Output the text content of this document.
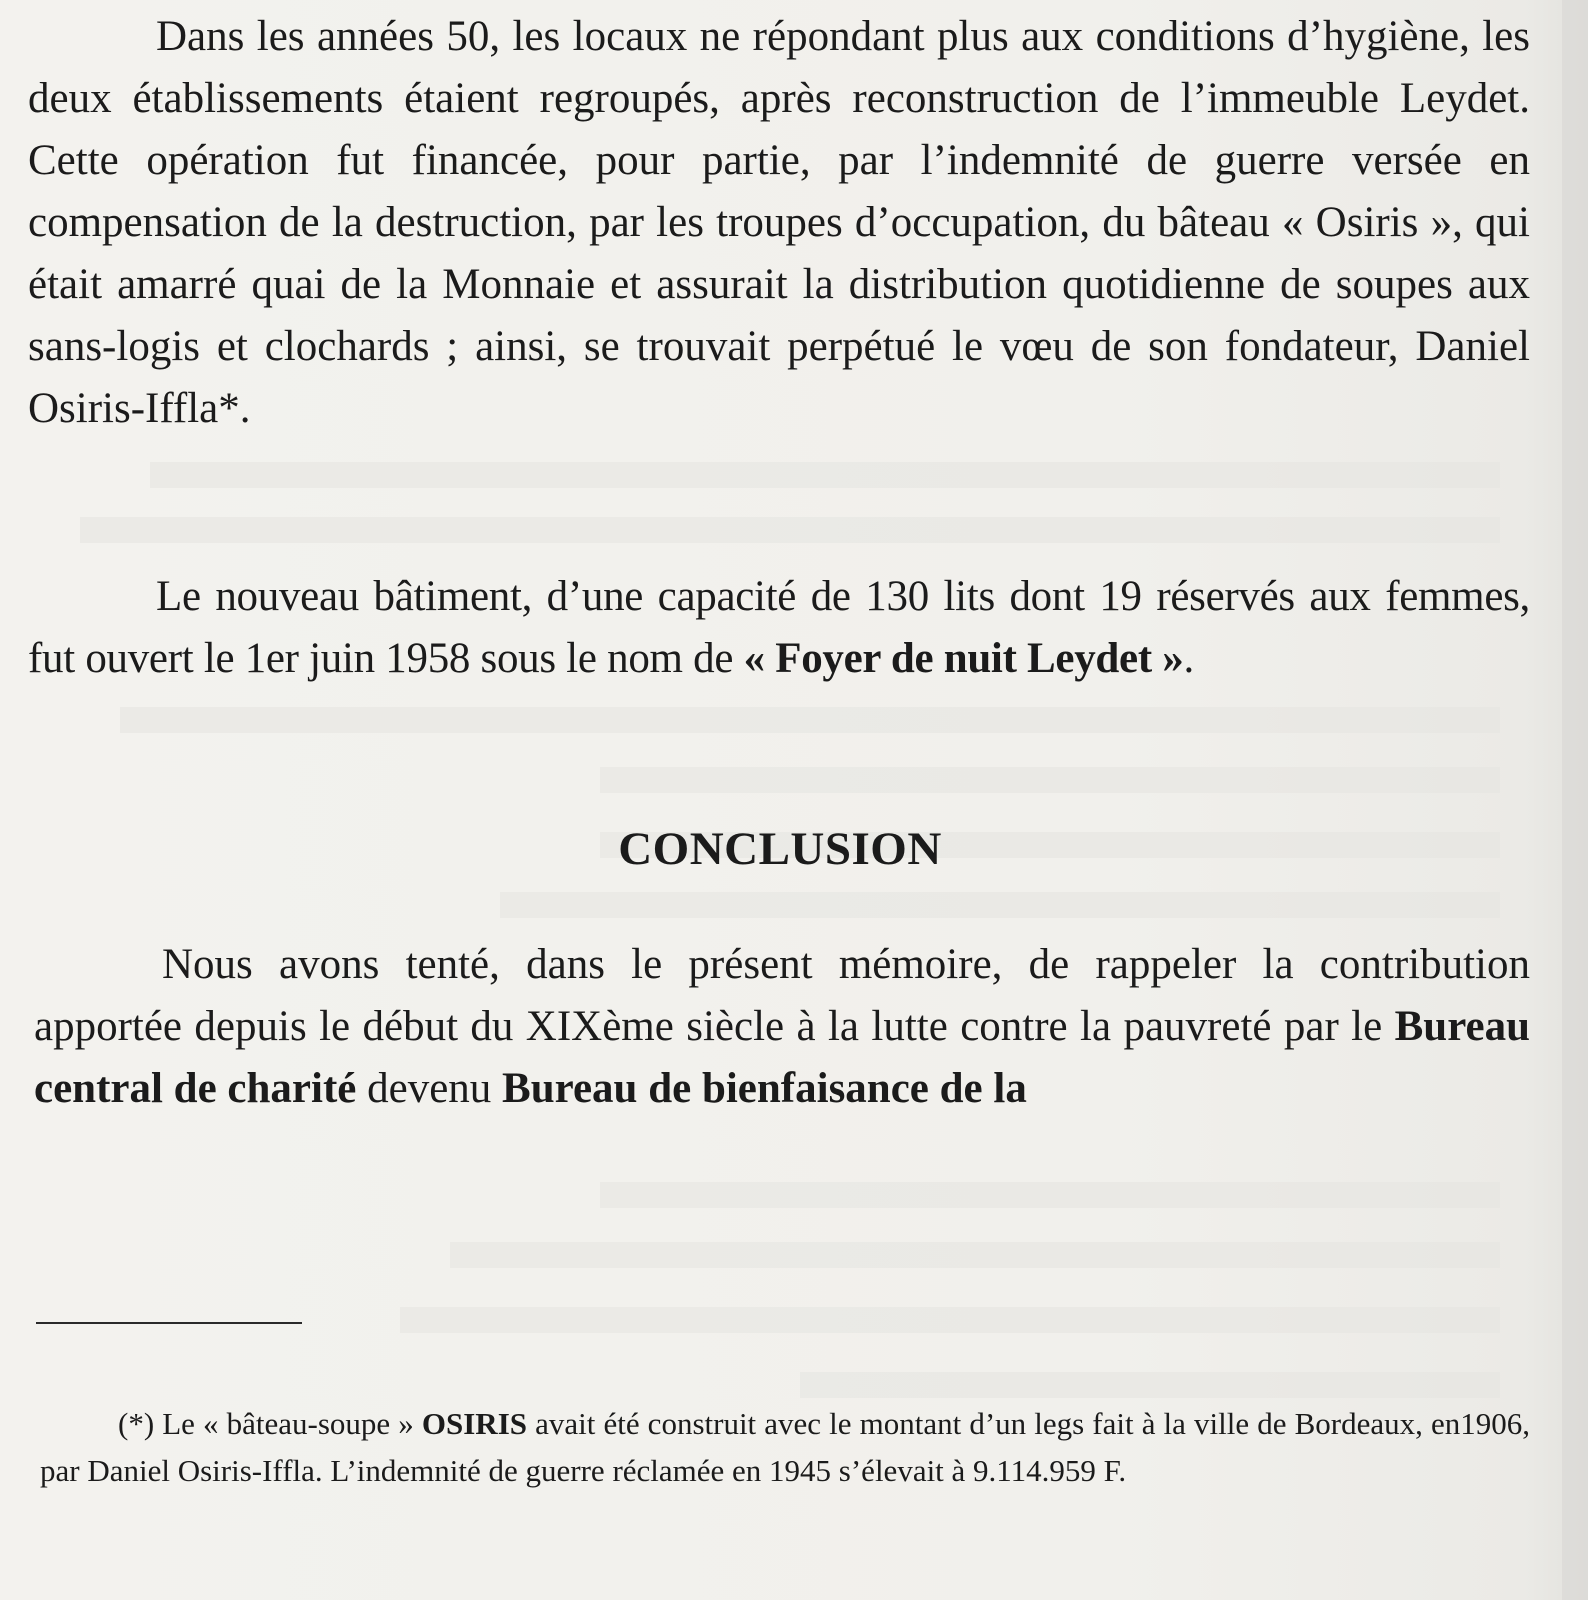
Dans les années 50, les locaux ne répondant plus aux conditions d’hygiène, les deux établissements étaient regroupés, après reconstruction de l’immeuble Leydet. Cette opération fut financée, pour partie, par l’indemnité de guerre versée en compensation de la destruction, par les troupes d’occupation, du bâteau « Osiris », qui était amarré quai de la Monnaie et assurait la distribution quotidienne de soupes aux sans-logis et clochards ; ainsi, se trouvait perpétué le vœu de son fondateur, Daniel Osiris-Iffla*.

Le nouveau bâtiment, d’une capacité de 130 lits dont 19 réservés aux femmes, fut ouvert le 1er juin 1958 sous le nom de « Foyer de nuit Leydet ».

CONCLUSION

Nous avons tenté, dans le présent mémoire, de rappeler la contribution apportée depuis le début du XIXème siècle à la lutte contre la pauvreté par le Bureau central de charité devenu Bureau de bienfaisance de la

(*) Le « bâteau-soupe » OSIRIS avait été construit avec le montant d’un legs fait à la ville de Bordeaux, en1906, par Daniel Osiris-Iffla. L’indemnité de guerre réclamée en 1945 s’élevait à 9.114.959 F.
